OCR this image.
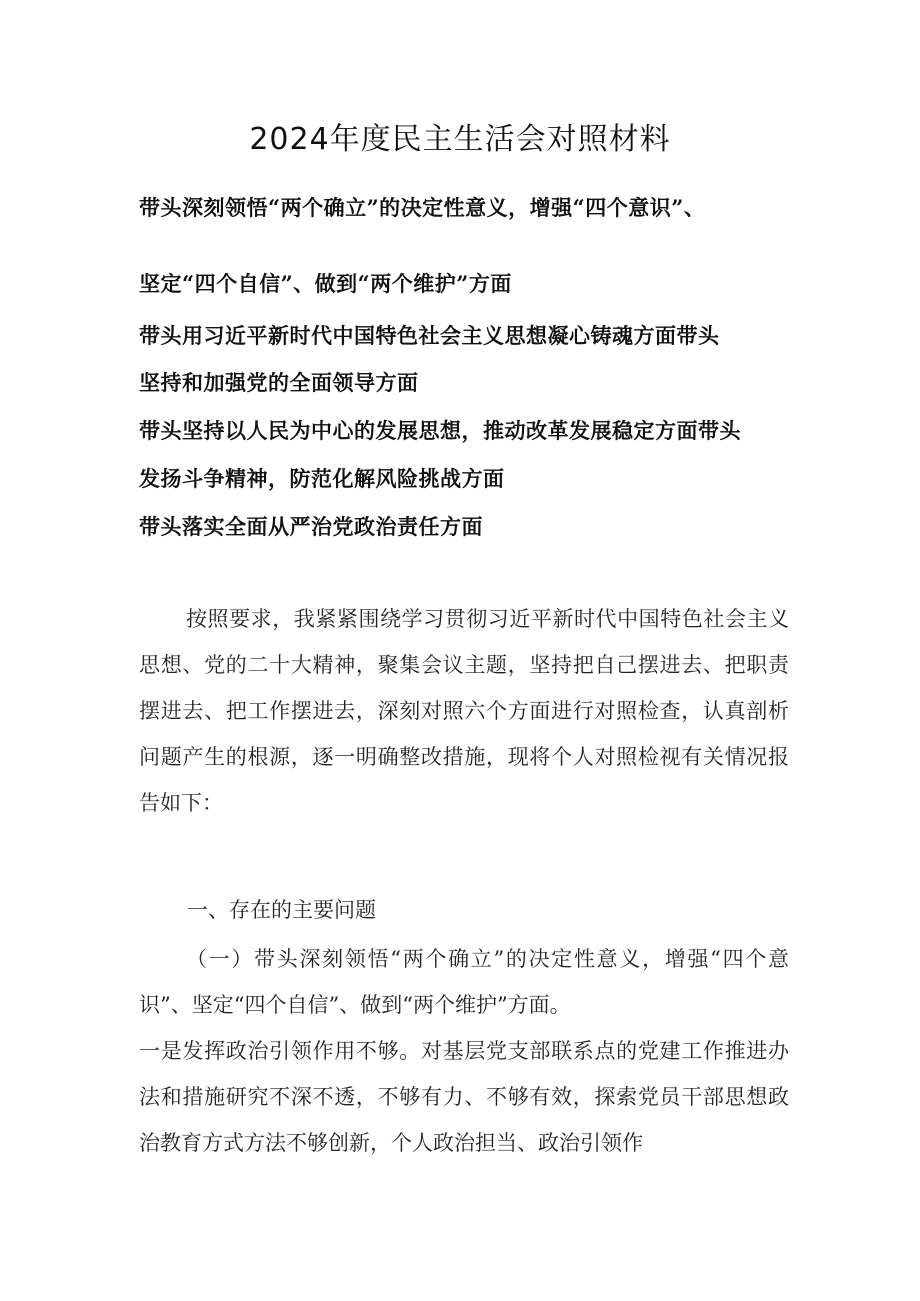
2024年度民主生活会对照材料
带头深刻领悟“两个确立”的决定性意义，增强“四个意识”、
坚定“四个自信”、做到“两个维护”方面
带头用习近平新时代中国特色社会主义思想凝心铸魂方面带头
坚持和加强党的全面领导方面
带头坚持以人民为中心的发展思想，推动改革发展稳定方面带头
发扬斗争精神，防范化解风险挑战方面
带头落实全面从严治党政治责任方面

按照要求，我紧紧围绕学习贯彻习近平新时代中国特色社会主义思想、党的二十大精神，聚集会议主题，坚持把自己摆进去、把职责摆进去、把工作摆进去，深刻对照六个方面进行对照检查，认真剖析问题产生的根源，逐一明确整改措施，现将个人对照检视有关情况报告如下：

一、存在的主要问题

（一）带头深刻领悟“两个确立”的决定性意义，增强“四个意识”、坚定“四个自信”、做到“两个维护”方面。

一是发挥政治引领作用不够。对基层党支部联系点的党建工作推进办法和措施研究不深不透，不够有力、不够有效，探索党员干部思想政治教育方式方法不够创新，个人政治担当、政治引领作
